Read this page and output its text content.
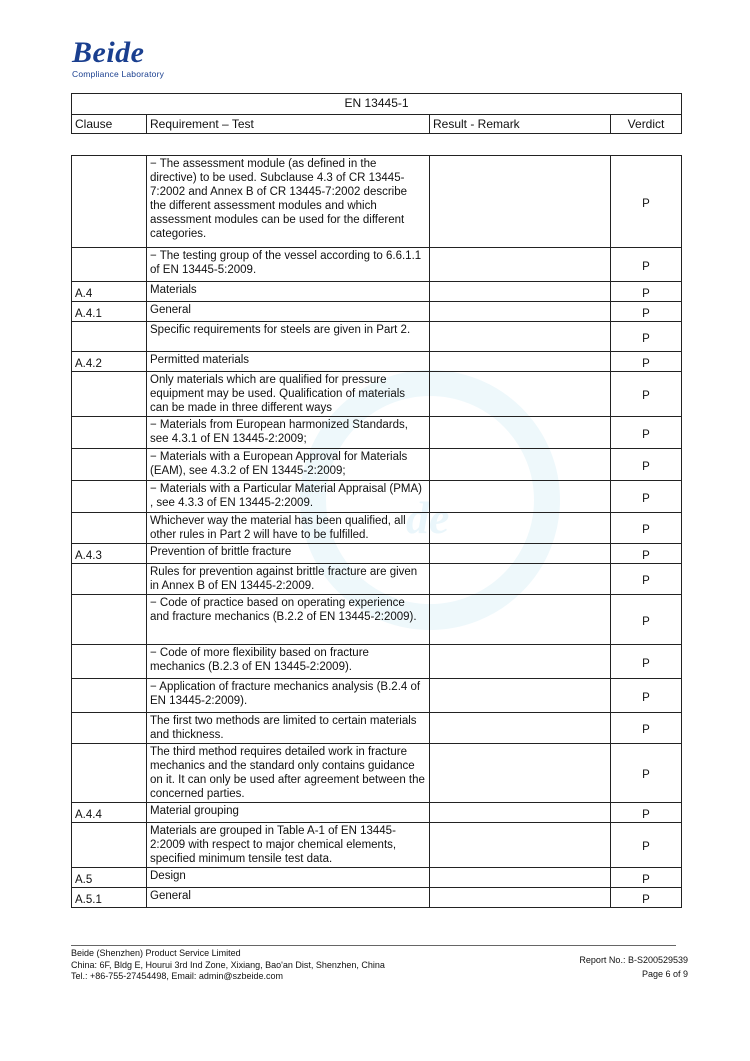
Beide
Compliance Laboratory
de
EN 13445-1
Clause	Requirement – Test	Result - Remark	Verdict
	− The assessment module (as defined in the directive) to be used. Subclause 4.3 of CR 13445-7:2002 and Annex B of CR 13445-7:2002 describe the different assessment modules and which assessment modules can be used for the different categories.		P
	− The testing group of the vessel according to 6.6.1.1 of EN 13445-5:2009.		P
A.4	Materials		P
A.4.1	General		P
	Specific requirements for steels are given in Part 2.		P
A.4.2	Permitted materials		P
	Only materials which are qualified for pressure equipment may be used. Qualification of materials can be made in three different ways		P
	− Materials from European harmonized Standards, see 4.3.1 of EN 13445-2:2009;		P
	− Materials with a European Approval for Materials (EAM), see 4.3.2 of EN 13445-2:2009;		P
	− Materials with a Particular Material Appraisal (PMA) , see 4.3.3 of EN 13445-2:2009.		P
	Whichever way the material has been qualified, all other rules in Part 2 will have to be fulfilled.		P
A.4.3	Prevention of brittle fracture		P
	Rules for prevention against brittle fracture are given in Annex B of EN 13445-2:2009.		P
	− Code of practice based on operating experience and fracture mechanics (B.2.2 of EN 13445-2:2009).		P
	− Code of more flexibility based on fracture mechanics (B.2.3 of EN 13445-2:2009).		P
	− Application of fracture mechanics analysis (B.2.4 of EN 13445-2:2009).		P
	The first two methods are limited to certain materials and thickness.		P
	The third method requires detailed work in fracture mechanics and the standard only contains guidance on it. It can only be used after agreement between the concerned parties.		P
A.4.4	Material grouping		P
	Materials are grouped in Table A-1 of EN 13445-2:2009 with respect to major chemical elements, specified minimum tensile test data.		P
A.5	Design		P
A.5.1	General		P
Beide (Shenzhen) Product Service Limited
China: 6F, Bldg E, Hourui 3rd Ind Zone, Xixiang, Bao'an Dist, Shenzhen, China
Tel.: +86-755-27454498, Email: admin@szbeide.com
Report No.: B-S200529539
Page 6 of 9
